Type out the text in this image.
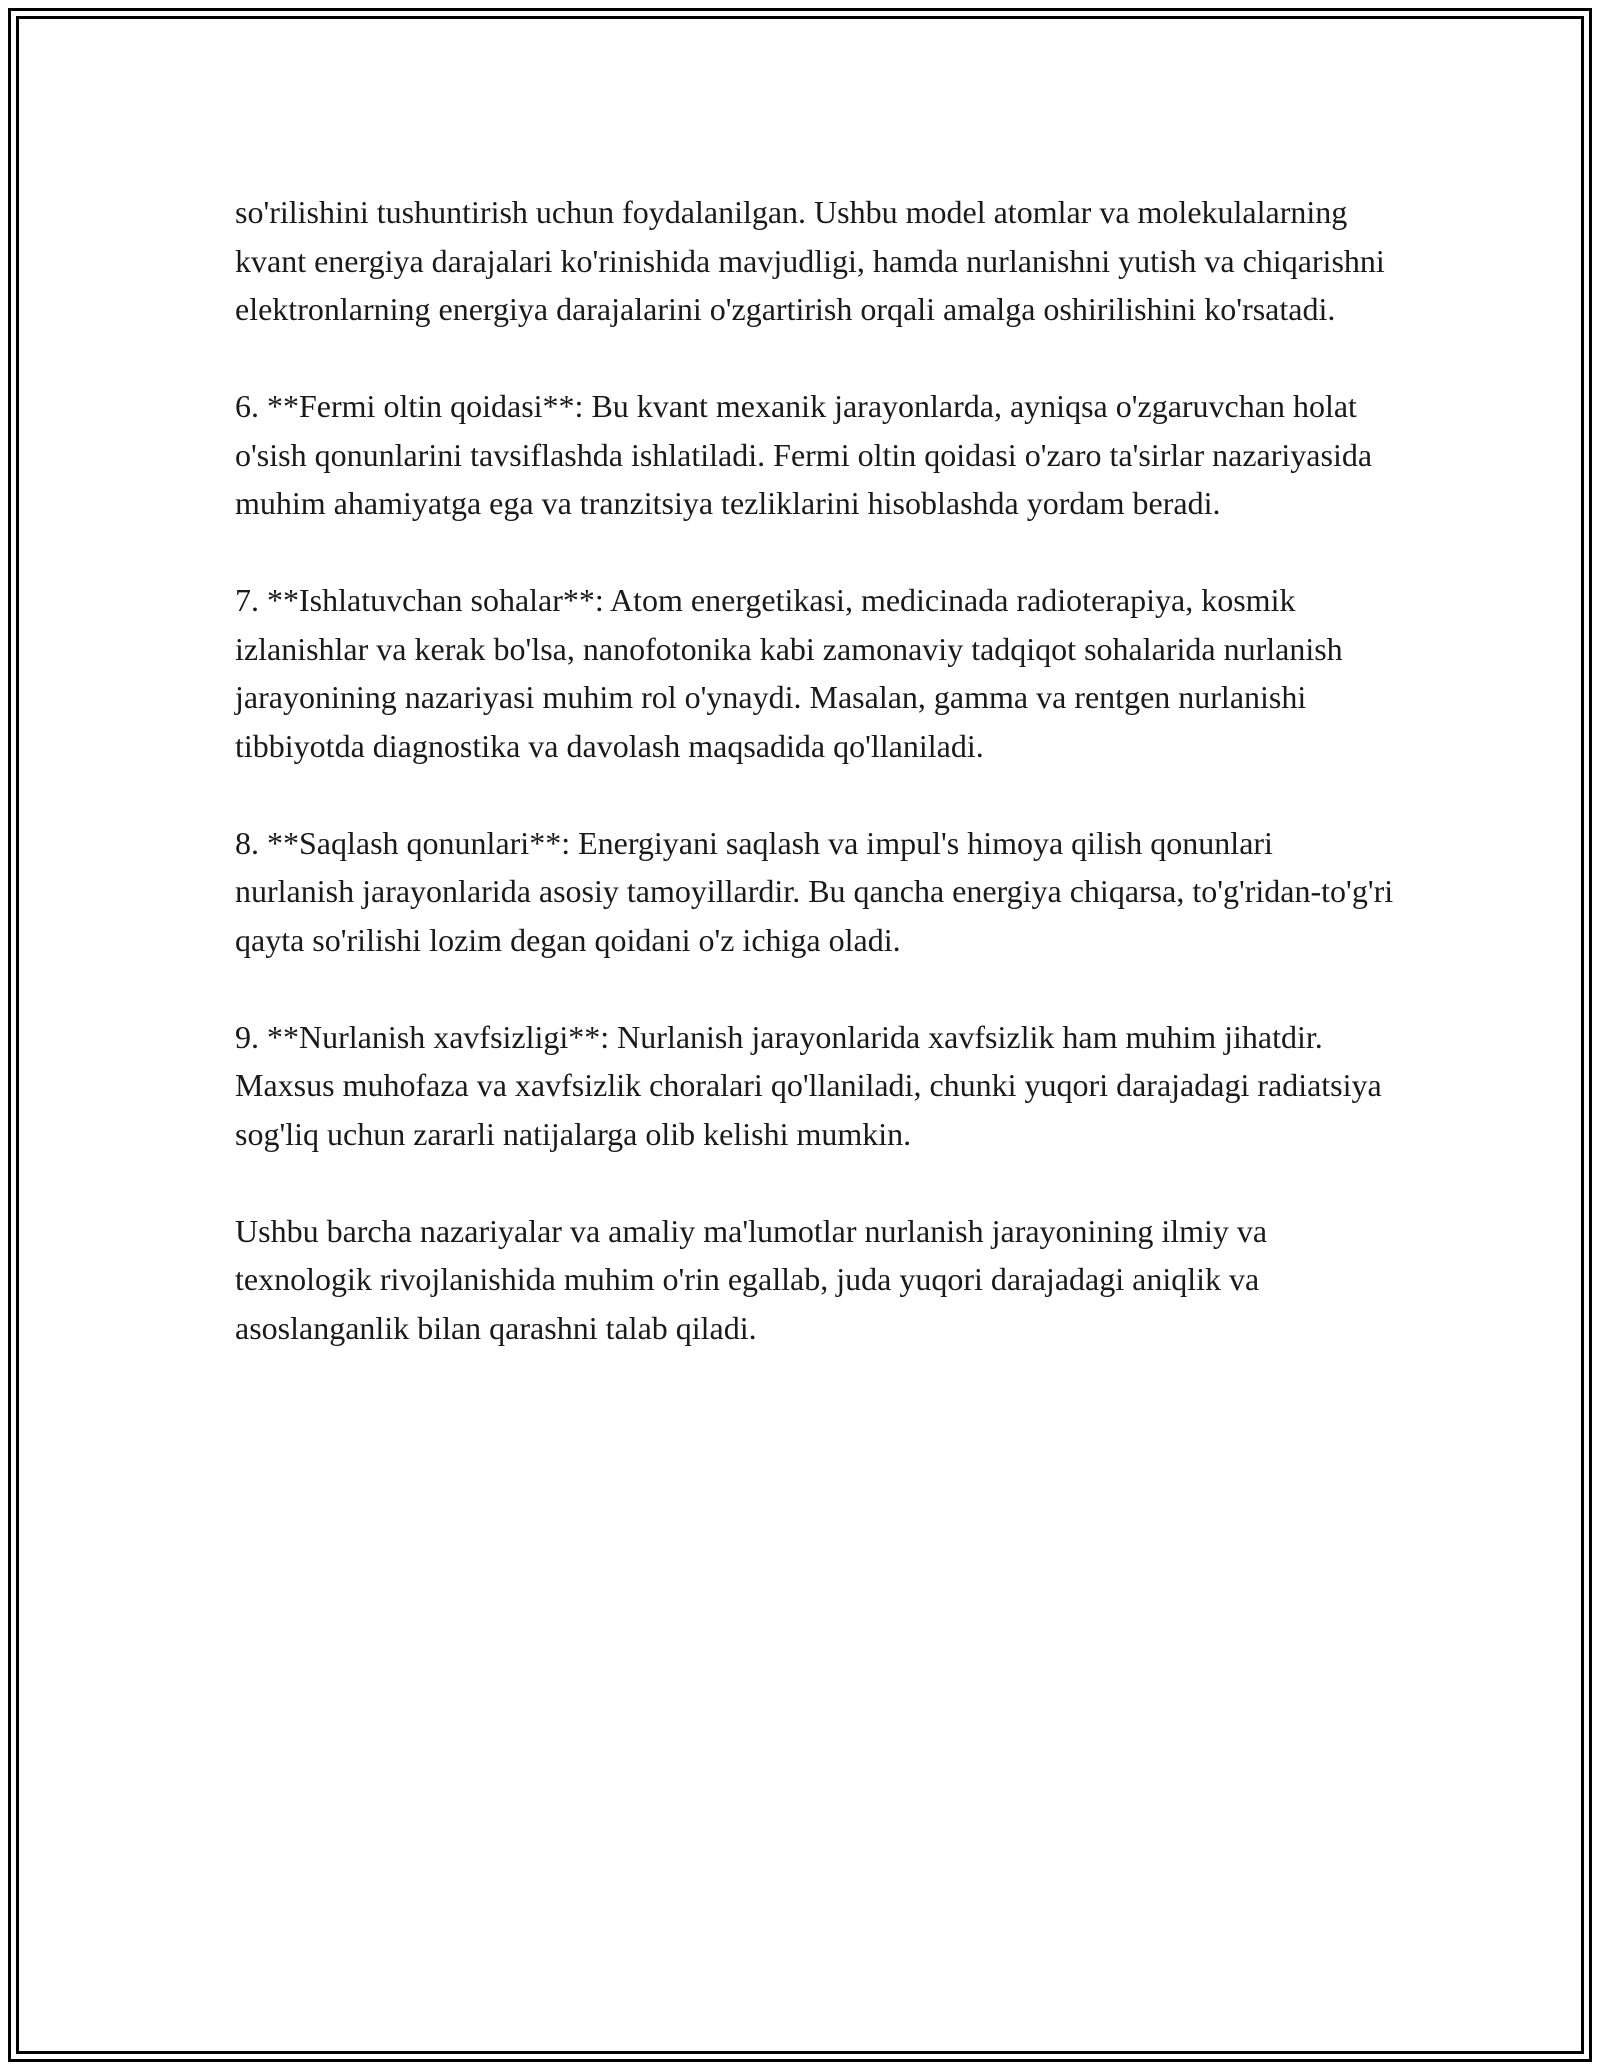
so'rilishini tushuntirish uchun foydalanilgan. Ushbu model atomlar va molekulalarning kvant energiya darajalari ko'rinishida mavjudligi, hamda nurlanishni yutish va chiqarishni elektronlarning energiya darajalarini o'zgartirish orqali amalga oshirilishini ko'rsatadi.

6. **Fermi oltin qoidasi**: Bu kvant mexanik jarayonlarda, ayniqsa o'zgaruvchan holat o'sish qonunlarini tavsiflashda ishlatiladi. Fermi oltin qoidasi o'zaro ta'sirlar nazariyasida muhim ahamiyatga ega va tranzitsiya tezliklarini hisoblashda yordam beradi.

7. **Ishlatuvchan sohalar**: Atom energetikasi, medicinada radioterapiya, kosmik izlanishlar va kerak bo'lsa, nanofotonika kabi zamonaviy tadqiqot sohalarida nurlanish jarayonining nazariyasi muhim rol o'ynaydi. Masalan, gamma va rentgen nurlanishi tibbiyotda diagnostika va davolash maqsadida qo'llaniladi.

8. **Saqlash qonunlari**: Energiyani saqlash va impul's himoya qilish qonunlari nurlanish jarayonlarida asosiy tamoyillardir. Bu qancha energiya chiqarsa, to'g'ridan-to'g'ri qayta so'rilishi lozim degan qoidani o'z ichiga oladi.

9. **Nurlanish xavfsizligi**: Nurlanish jarayonlarida xavfsizlik ham muhim jihatdir. Maxsus muhofaza va xavfsizlik choralari qo'llaniladi, chunki yuqori darajadagi radiatsiya sog'liq uchun zararli natijalarga olib kelishi mumkin.

Ushbu barcha nazariyalar va amaliy ma'lumotlar nurlanish jarayonining ilmiy va texnologik rivojlanishida muhim o'rin egallab, juda yuqori darajadagi aniqlik va asoslanganlik bilan qarashni talab qiladi.
